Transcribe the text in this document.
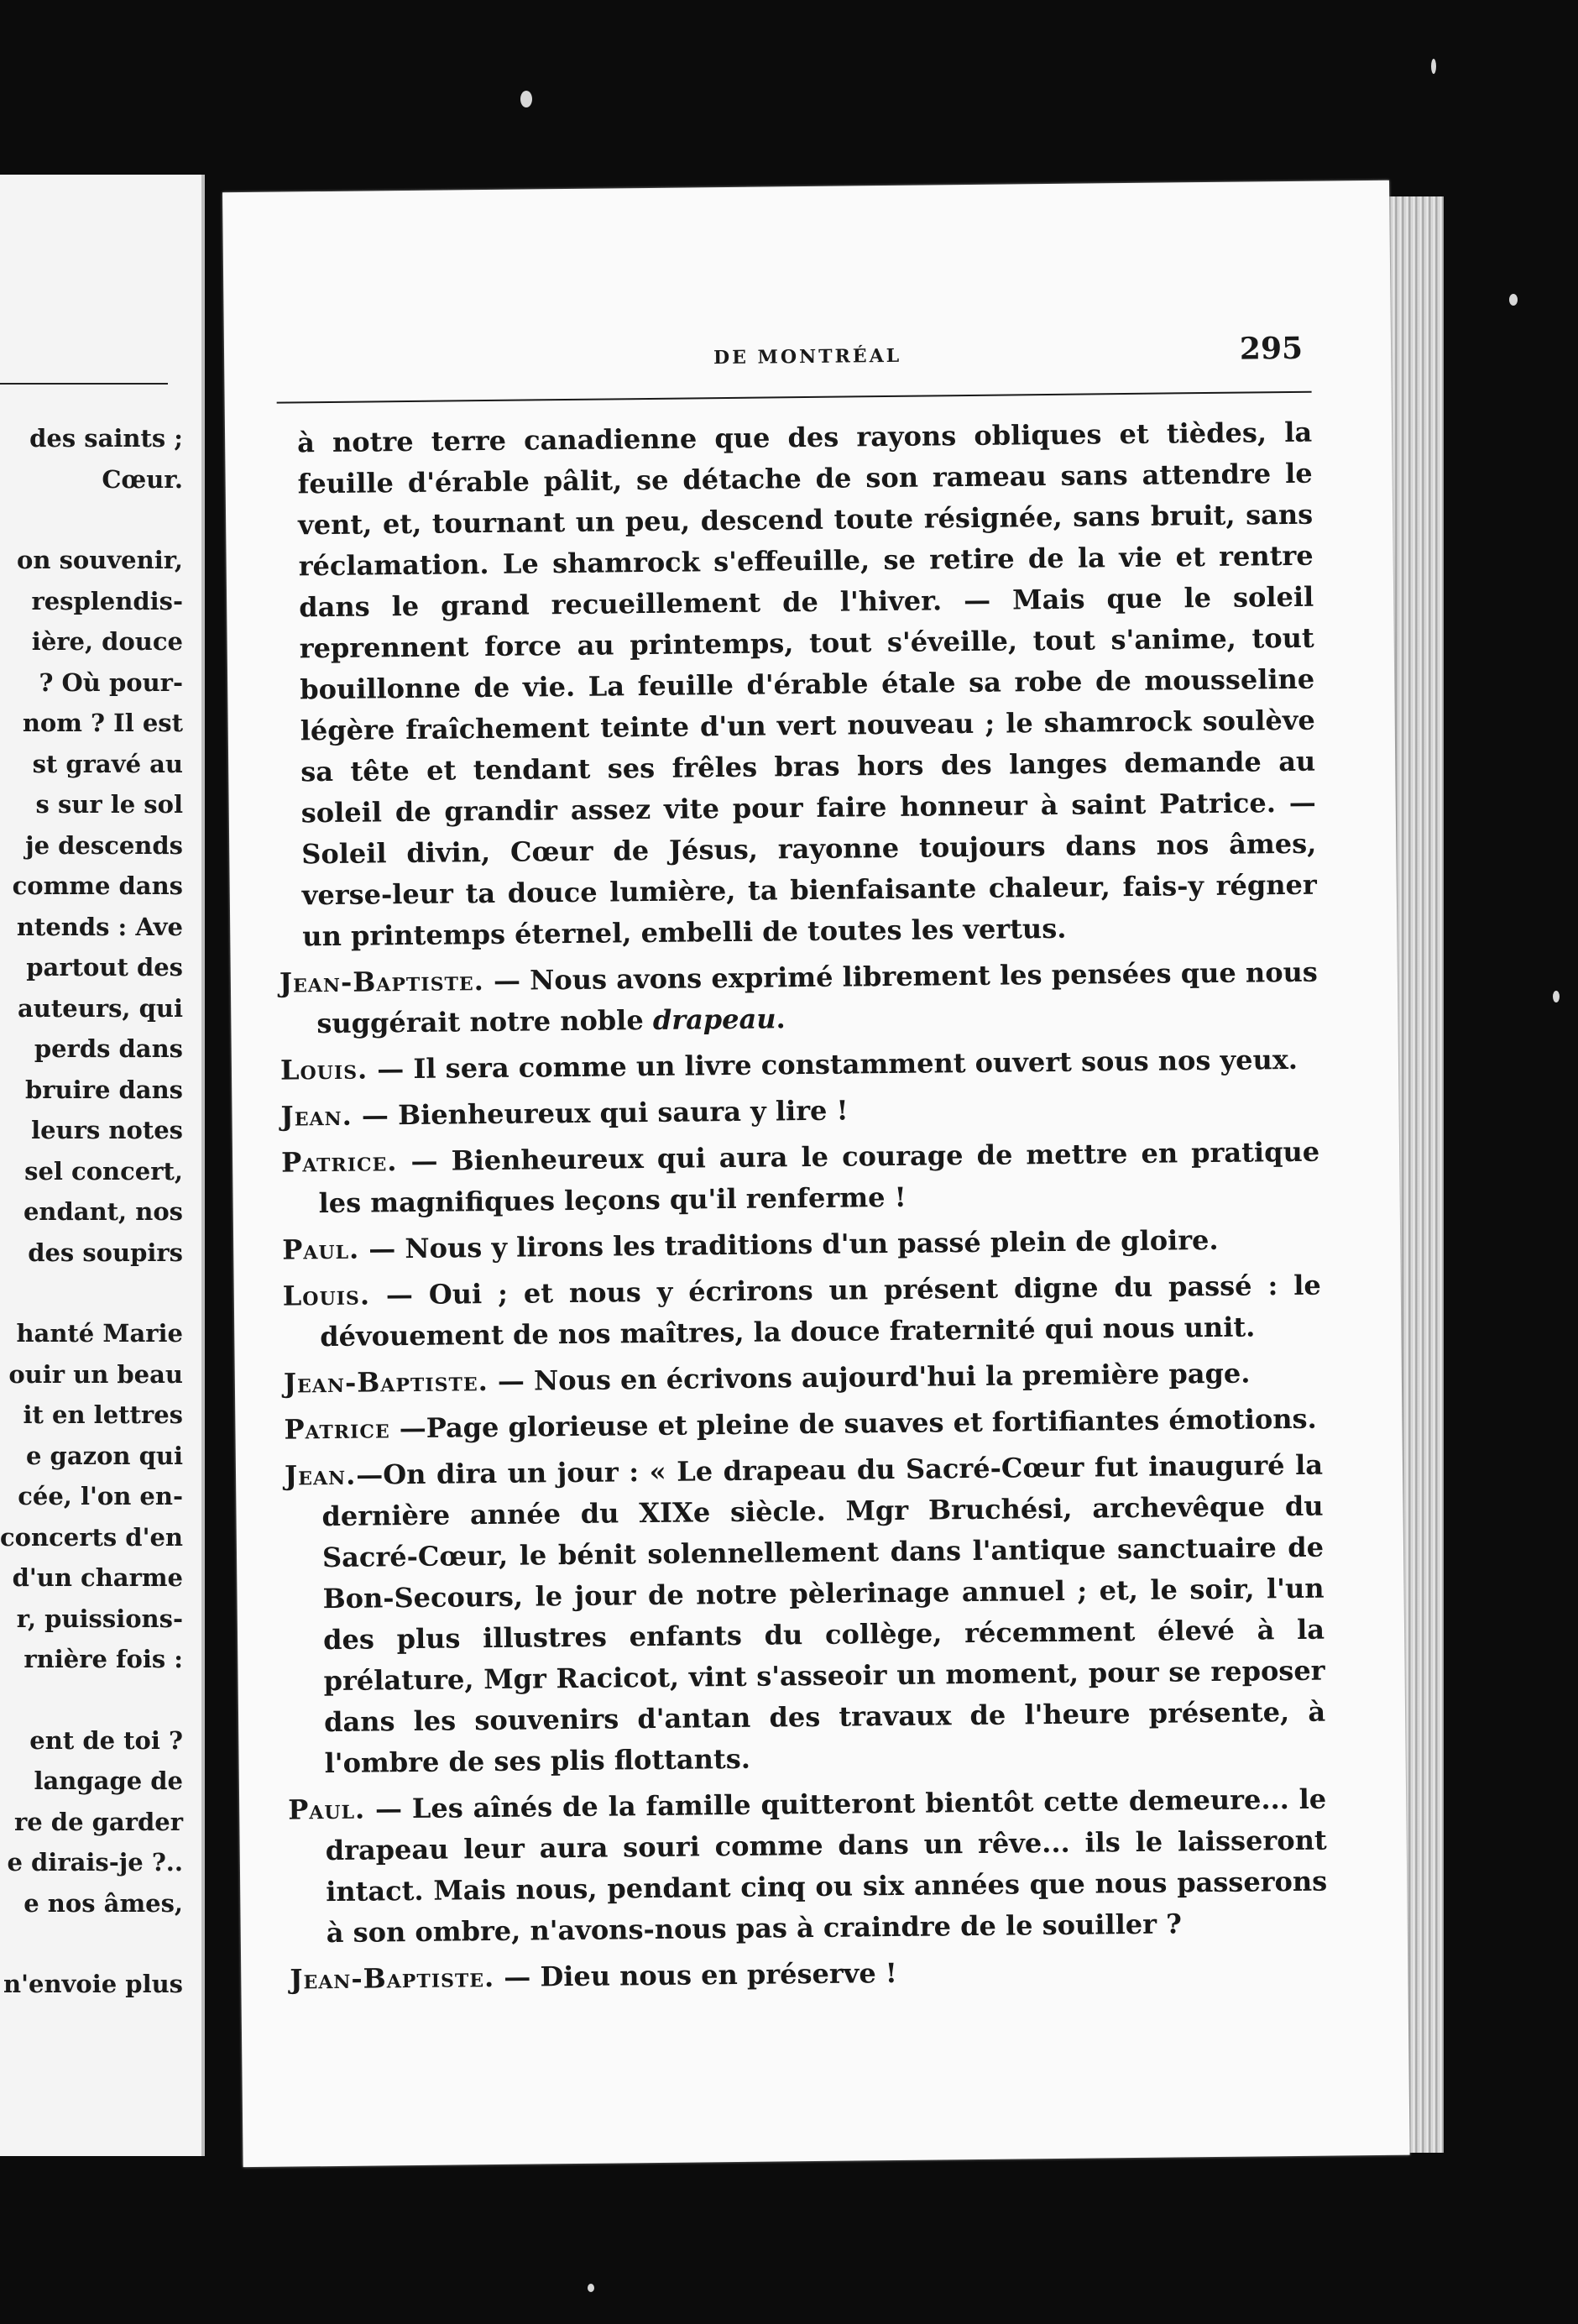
des saints ;
Cœur.
on souvenir,
resplendis-
ière, douce
? Où pour-
nom ? Il est
st gravé au
s sur le sol
je descends
comme dans
ntends : Ave
partout des
auteurs, qui
perds dans
bruire dans
leurs notes
sel concert,
endant, nos
des soupirs
hanté Marie
ouir un beau
it en lettres
e gazon qui
cée, l'on en-
concerts d'en
d'un charme
r, puissions-
rnière fois :
ent de toi ?
langage de
re de garder
e dirais-je ?..
e nos âmes,
n'envoie plus
DE MONTRÉAL	295

à notre terre canadienne que des rayons obliques et tièdes, la feuille d'érable pâlit, se détache de son rameau sans attendre le vent, et, tournant un peu, descend toute résignée, sans bruit, sans réclamation. Le shamrock s'effeuille, se retire de la vie et rentre dans le grand recueillement de l'hiver. — Mais que le soleil reprennent force au printemps, tout s'éveille, tout s'anime, tout bouillonne de vie. La feuille d'érable étale sa robe de mousseline légère fraîchement teinte d'un vert nouveau ; le shamrock soulève sa tête et tendant ses frêles bras hors des langes demande au soleil de grandir assez vite pour faire honneur à saint Patrice. — Soleil divin, Cœur de Jésus, rayonne toujours dans nos âmes, verse-leur ta douce lumière, ta bienfaisante chaleur, fais-y régner un printemps éternel, embelli de toutes les vertus.

Jean-Baptiste. — Nous avons exprimé librement les pensées que nous suggérait notre noble drapeau.

Louis. — Il sera comme un livre constamment ouvert sous nos yeux.

Jean. — Bienheureux qui saura y lire !

Patrice. — Bienheureux qui aura le courage de mettre en pratique les magnifiques leçons qu'il renferme !

Paul. — Nous y lirons les traditions d'un passé plein de gloire.

Louis. — Oui ; et nous y écrirons un présent digne du passé : le dévouement de nos maîtres, la douce fraternité qui nous unit.

Jean-Baptiste. — Nous en écrivons aujourd'hui la première page.

Patrice —Page glorieuse et pleine de suaves et fortifiantes émotions.

Jean.—On dira un jour : « Le drapeau du Sacré-Cœur fut inauguré la dernière année du XIXe siècle. Mgr Bruchési, archevêque du Sacré-Cœur, le bénit solennellement dans l'antique sanctuaire de Bon-Secours, le jour de notre pèlerinage annuel ; et, le soir, l'un des plus illustres enfants du collège, récemment élevé à la prélature, Mgr Racicot, vint s'asseoir un moment, pour se reposer dans les souvenirs d'antan des travaux de l'heure présente, à l'ombre de ses plis flottants.

Paul. — Les aînés de la famille quitteront bientôt cette demeure... le drapeau leur aura souri comme dans un rêve... ils le laisseront intact. Mais nous, pendant cinq ou six années que nous passerons à son ombre, n'avons-nous pas à craindre de le souiller ?

Jean-Baptiste. — Dieu nous en préserve !
